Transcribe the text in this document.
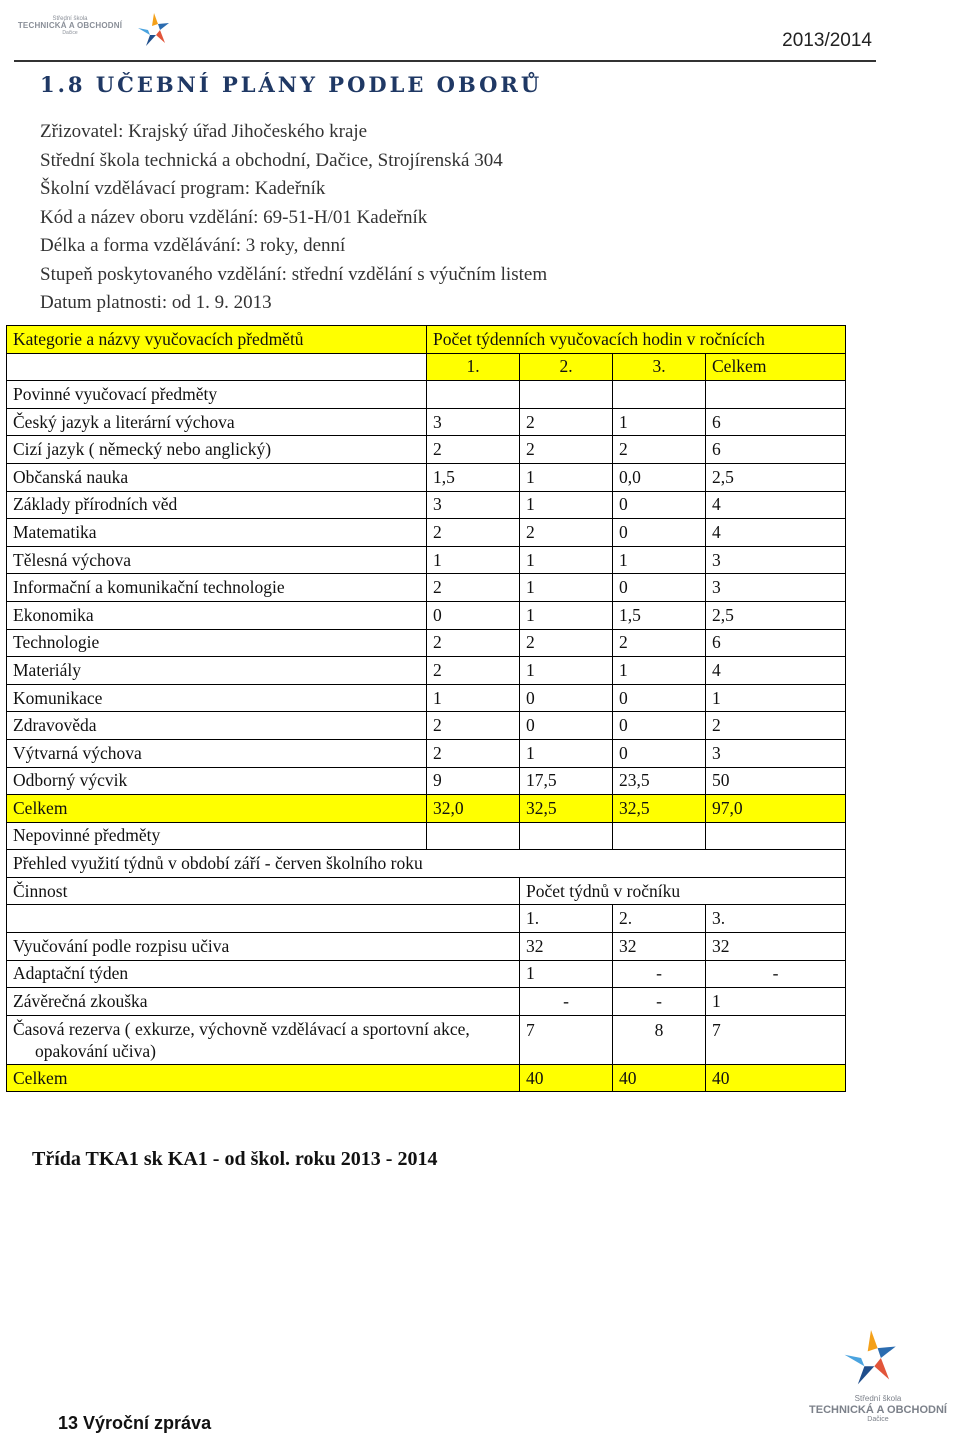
Střední škola
TECHNICKÁ A OBCHODNÍ
Dačice	2013/2014
1.8 UČEBNÍ PLÁNY PODLE OBORŮ
Zřizovatel: Krajský úřad Jihočeského kraje
Střední škola technická a obchodní, Dačice, Strojírenská 304
Školní vzdělávací program: Kadeřník
Kód a název oboru vzdělání: 69-51-H/01 Kadeřník
Délka a forma vzdělávání: 3 roky, denní
Stupeň poskytovaného vzdělání: střední vzdělání s výučním listem
Datum platnosti: od 1. 9. 2013
Kategorie a názvy vyučovacích předmětů	Počet týdenních vyučovacích hodin v ročnících			
	1.	2.	3.	Celkem
Povinné vyučovací předměty				
Český jazyk a literární výchova	3	2	1	6
Cizí jazyk ( německý nebo anglický)	2	2	2	6
Občanská nauka	1,5	1	0,0	2,5
Základy přírodních věd	3	1	0	4
Matematika	2	2	0	4
Tělesná výchova	1	1	1	3
Informační a komunikační technologie	2	1	0	3
Ekonomika	0	1	1,5	2,5
Technologie	2	2	2	6
Materiály	2	1	1	4
Komunikace	1	0	0	1
Zdravověda	2	0	0	2
Výtvarná výchova	2	1	0	3
Odborný výcvik	9	17,5	23,5	50
Celkem	32,0	32,5	32,5	97,0
Nepovinné předměty				
Přehled využití týdnů v období září - červen školního roku				
Činnost		Počet týdnů v ročníku		
		1.	2.	3.
Vyučování podle rozpisu učiva		32	32	32
Adaptační týden		1	-	-
Závěrečná zkouška		-	-	1
Časová rezerva ( exkurze, výchovně vzdělávací a sportovní akce,
opakování učiva)		7	8	7
Celkem		40	40	40
Třída TKA1 sk KA1 - od škol. roku 2013 - 2014
13 Výroční zpráva
Střední škola
TECHNICKÁ A OBCHODNÍ
Dačice
